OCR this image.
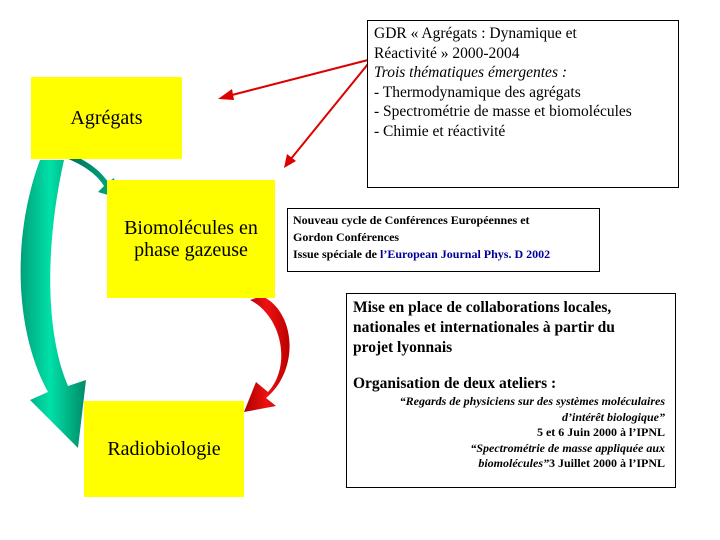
Agrégats
Biomolécules en
phase gazeuse
Radiobiologie
GDR « Agrégats : Dynamique et
Réactivité » 2000-2004
Trois thématiques émergentes :
- Thermodynamique des agrégats
- Spectrométrie de masse et biomolécules
- Chimie et réactivité
Nouveau cycle de Conférences Européennes et
Gordon Conférences
Issue spéciale de l’European Journal Phys. D 2002
Mise en place de collaborations locales,
nationales et internationales à partir du
projet lyonnais
Organisation de deux ateliers :
“Regards de physiciens sur des systèmes moléculaires
d’intérêt biologique”
5 et 6 Juin 2000 à l’IPNL
“Spectrométrie de masse appliquée aux
biomolécules”3 Juillet 2000 à l’IPNL
